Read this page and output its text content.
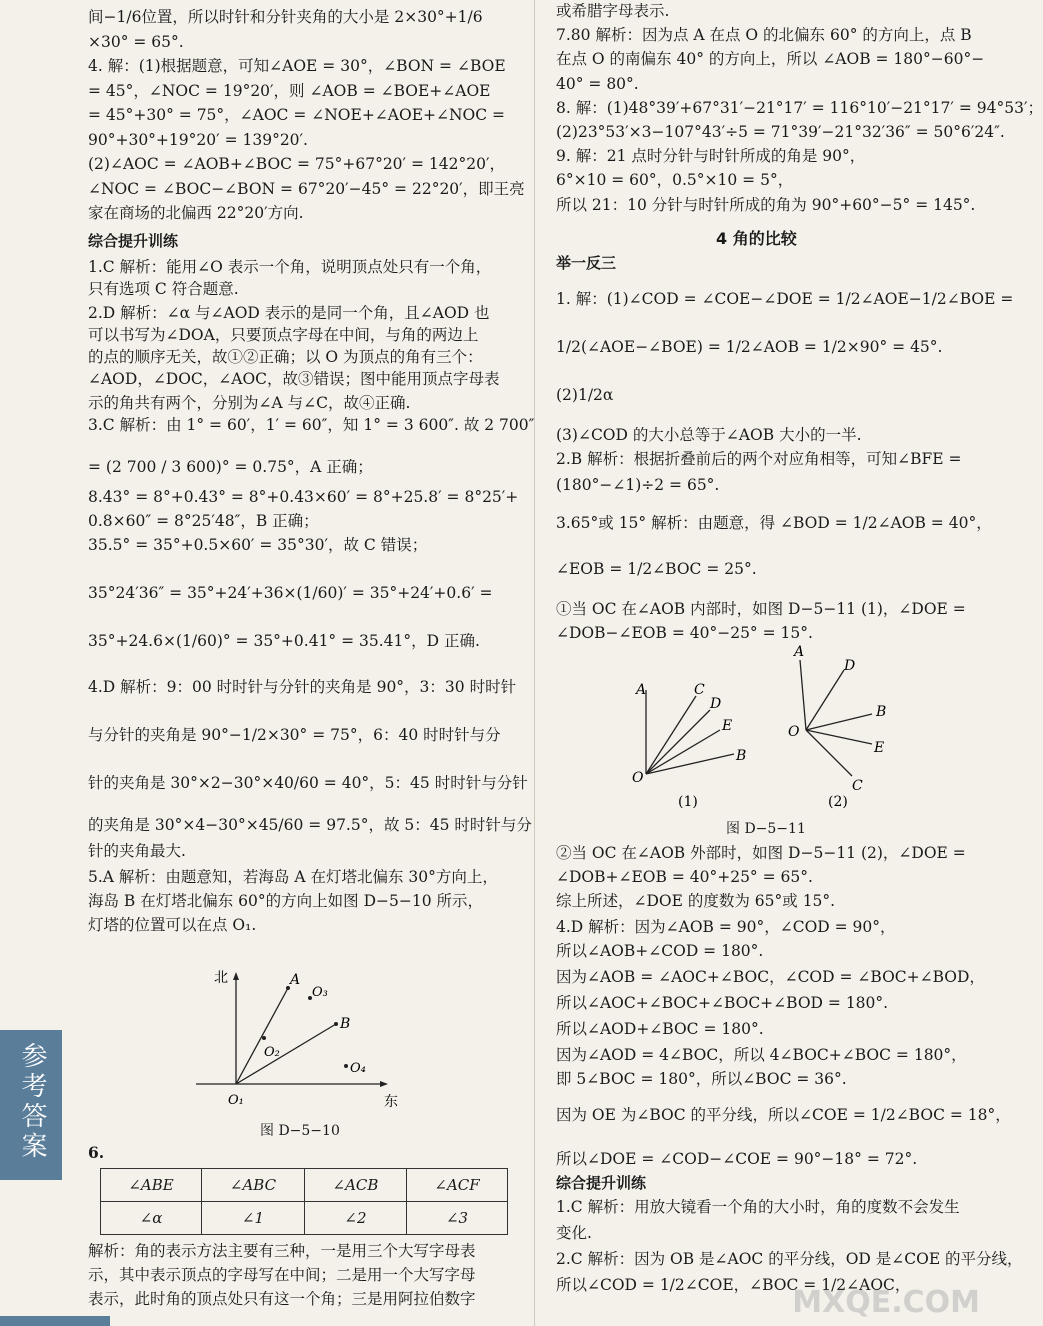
参考答案
间−1/6位置，所以时针和分针夹角的大小是 2×30°+1/6
×30° = 65°.
4. 解：(1)根据题意，可知∠AOE = 30°，∠BON = ∠BOE
= 45°，∠NOC = 19°20′，则 ∠AOB = ∠BOE+∠AOE
= 45°+30° = 75°，∠AOC = ∠NOE+∠AOE+∠NOC =
90°+30°+19°20′ = 139°20′.
(2)∠AOC = ∠AOB+∠BOC = 75°+67°20′ = 142°20′，
∠NOC = ∠BOC−∠BON = 67°20′−45° = 22°20′，即王亮
家在商场的北偏西 22°20′方向.
综合提升训练
1.C 解析：能用∠O 表示一个角，说明顶点处只有一个角，
只有选项 C 符合题意.
2.D 解析：∠α 与∠AOD 表示的是同一个角，且∠AOD 也
可以书写为∠DOA，只要顶点字母在中间，与角的两边上
的点的顺序无关，故①②正确；以 O 为顶点的角有三个：
∠AOD，∠DOC，∠AOC，故③错误；图中能用顶点字母表
示的角共有两个，分别为∠A 与∠C，故④正确.
3.C 解析：由 1° = 60′，1′ = 60″，知 1° = 3 600″. 故 2 700″
= (2 700 / 3 600)° = 0.75°，A 正确；
8.43° = 8°+0.43° = 8°+0.43×60′ = 8°+25.8′ = 8°25′+
0.8×60″ = 8°25′48″，B 正确；
35.5° = 35°+0.5×60′ = 35°30′，故 C 错误；
35°24′36″ = 35°+24′+36×(1/60)′ = 35°+24′+0.6′ =
35°+24.6×(1/60)° = 35°+0.41° = 35.41°，D 正确.
4.D 解析：9：00 时时针与分针的夹角是 90°，3：30 时时针
与分针的夹角是 90°−1/2×30° = 75°，6：40 时时针与分
针的夹角是 30°×2−30°×40/60 = 40°，5：45 时时针与分针
的夹角是 30°×4−30°×45/60 = 97.5°，故 5：45 时时针与分
针的夹角最大.
5.A 解析：由题意知，若海岛 A 在灯塔北偏东 30°方向上，
海岛 B 在灯塔北偏东 60°的方向上如图 D−5−10 所示，
灯塔的位置可以在点 O₁.
北
东
A
B
O₃
O₂
O₄
O₁
图 D−5−10
6.
解析：角的表示方法主要有三种，一是用三个大写字母表
示，其中表示顶点的字母写在中间；二是用一个大写字母
表示，此时角的顶点处只有这一个角；三是用阿拉伯数字
∠ABE	∠ABC	∠ACB	∠ACF
∠α	∠1	∠2	∠3
或希腊字母表示.
7.80 解析：因为点 A 在点 O 的北偏东 60° 的方向上，点 B
在点 O 的南偏东 40° 的方向上，所以 ∠AOB = 180°−60°−
40° = 80°.
8. 解：(1)48°39′+67°31′−21°17′ = 116°10′−21°17′ = 94°53′；
(2)23°53′×3−107°43′÷5 = 71°39′−21°32′36″ = 50°6′24″.
9. 解：21 点时分针与时针所成的角是 90°，
6°×10 = 60°，0.5°×10 = 5°，
所以 21：10 分针与时针所成的角为 90°+60°−5° = 145°.
4 角的比较
举一反三
1. 解：(1)∠COD = ∠COE−∠DOE = 1/2∠AOE−1/2∠BOE =
1/2(∠AOE−∠BOE) = 1/2∠AOB = 1/2×90° = 45°.
(2)1/2α
(3)∠COD 的大小总等于∠AOB 大小的一半.
2.B 解析：根据折叠前后的两个对应角相等，可知∠BFE =
(180°−∠1)÷2 = 65°.
3.65°或 15° 解析：由题意，得 ∠BOD = 1/2∠AOB = 40°，
∠EOB = 1/2∠BOC = 25°.
①当 OC 在∠AOB 内部时，如图 D−5−11 (1)，∠DOE =
∠DOB−∠EOB = 40°−25° = 15°.
A	C
D
E
B
O
(1)
A
D
B
E
C
O
(2)
图 D−5−11
②当 OC 在∠AOB 外部时，如图 D−5−11 (2)，∠DOE =
∠DOB+∠EOB = 40°+25° = 65°.
综上所述，∠DOE 的度数为 65°或 15°.
4.D 解析：因为∠AOB = 90°，∠COD = 90°，
所以∠AOB+∠COD = 180°.
因为∠AOB = ∠AOC+∠BOC，∠COD = ∠BOC+∠BOD，
所以∠AOC+∠BOC+∠BOC+∠BOD = 180°.
所以∠AOD+∠BOC = 180°.
因为∠AOD = 4∠BOC，所以 4∠BOC+∠BOC = 180°，
即 5∠BOC = 180°，所以∠BOC = 36°.
因为 OE 为∠BOC 的平分线，所以∠COE = 1/2∠BOC = 18°，
所以∠DOE = ∠COD−∠COE = 90°−18° = 72°.
综合提升训练
1.C 解析：用放大镜看一个角的大小时，角的度数不会发生
变化.
2.C 解析：因为 OB 是∠AOC 的平分线，OD 是∠COE 的平分线，
所以∠COD = 1/2∠COE，∠BOC = 1/2∠AOC，
MXQE.COM
